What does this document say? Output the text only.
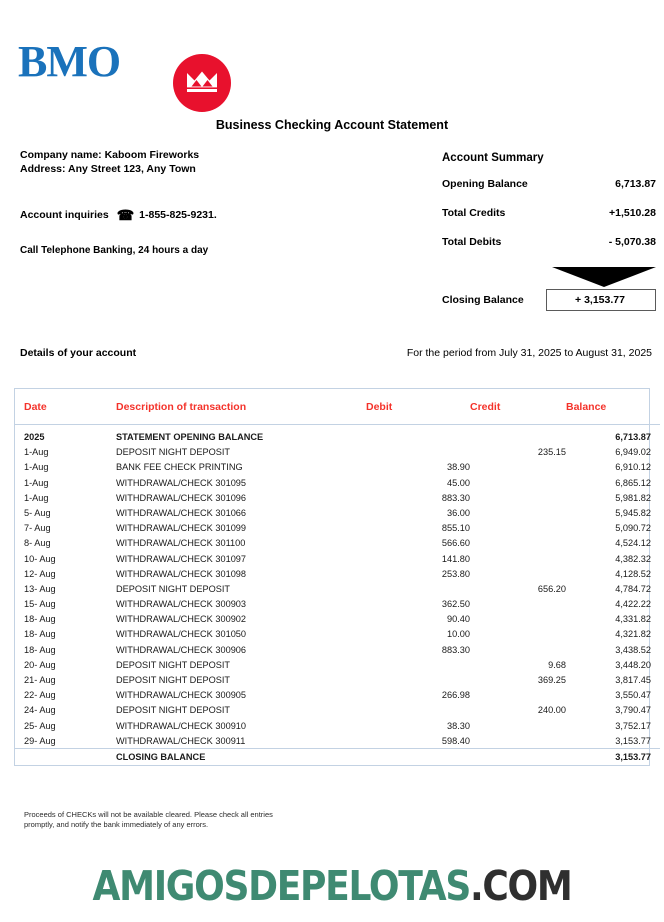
BMO
Business Checking Account Statement
Company name: Kaboom Fireworks
Address: Any Street 123, Any Town
Account inquiries ☎ 1-855-825-9231.
Call Telephone Banking, 24 hours a day
Account Summary
Opening Balance	6,713.87
Total Credits	+1,510.28
Total Debits	- 5,070.38
Closing Balance	+ 3,153.77
Details of your account	For the period from July 31, 2025 to August 31, 2025
Date	Description of transaction	Debit	Credit	Balance
2025	STATEMENT OPENING BALANCE			6,713.87
1-Aug	DEPOSIT NIGHT DEPOSIT		235.15	6,949.02
1-Aug	BANK FEE CHECK PRINTING	38.90		6,910.12
1-Aug	WITHDRAWAL/CHECK 301095	45.00		6,865.12
1-Aug	WITHDRAWAL/CHECK 301096	883.30		5,981.82
5- Aug	WITHDRAWAL/CHECK 301066	36.00		5,945.82
7- Aug	WITHDRAWAL/CHECK 301099	855.10		5,090.72
8- Aug	WITHDRAWAL/CHECK 301100	566.60		4,524.12
10- Aug	WITHDRAWAL/CHECK 301097	141.80		4,382.32
12- Aug	WITHDRAWAL/CHECK 301098	253.80		4,128.52
13- Aug	DEPOSIT NIGHT DEPOSIT		656.20	4,784.72
15- Aug	WITHDRAWAL/CHECK 300903	362.50		4,422.22
18- Aug	WITHDRAWAL/CHECK 300902	90.40		4,331.82
18- Aug	WITHDRAWAL/CHECK 301050	10.00		4,321.82
18- Aug	WITHDRAWAL/CHECK 300906	883.30		3,438.52
20- Aug	DEPOSIT NIGHT DEPOSIT		9.68	3,448.20
21- Aug	DEPOSIT NIGHT DEPOSIT		369.25	3,817.45
22- Aug	WITHDRAWAL/CHECK 300905	266.98		3,550.47
24- Aug	DEPOSIT NIGHT DEPOSIT		240.00	3,790.47
25- Aug	WITHDRAWAL/CHECK 300910	38.30		3,752.17
29- Aug	WITHDRAWAL/CHECK 300911	598.40		3,153.77
	CLOSING BALANCE			3,153.77
Proceeds of CHECKs will not be available cleared. Please check all entries promptly, and notify the bank immediately of any errors.
AMIGOSDEPELOTAS.COM
